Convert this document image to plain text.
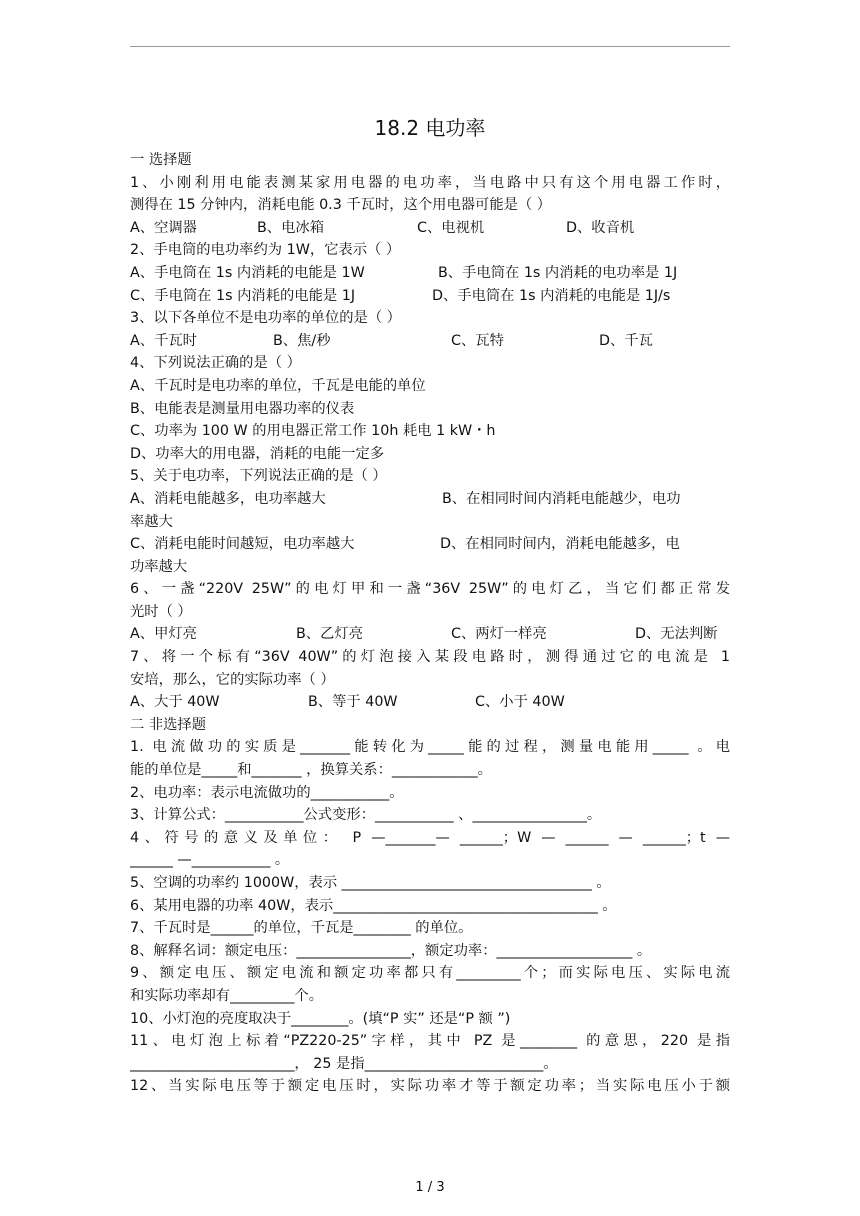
18.2 电功率
一 选择题
1、小刚利用电能表测某家用电器的电功率，当电路中只有这个用电器工作时，
测得在 15 分钟内，消耗电能 0.3 千瓦时，这个用电器可能是（ ）

A、空调器

	B、电冰箱

	C、电视机

	D、收音机

2、手电筒的电功率约为 1W，它表示（ ）

A、手电筒在 1s 内消耗的电能是 1W

	B、手电筒在 1s 内消耗的电功率是 1J

C、手电筒在 1s 内消耗的电能是 1J

	D、手电筒在 1s 内消耗的电能是 1J/s

3、以下各单位不是电功率的单位的是（ ）

A、千瓦时

	B、焦/秒

	C、瓦特

	D、千瓦

4、下列说法正确的是（ ）
A、千瓦时是电功率的单位，千瓦是电能的单位
B、电能表是测量用电器功率的仪表
C、功率为 100 W 的用电器正常工作 10h 耗电 1 kW・h
D、功率大的用电器，消耗的电能一定多
5、关于电功率，下列说法正确的是（ ）

A、消耗电能越多，电功率越大

	B、在相同时间内消耗电能越少，电功

率越大

C、消耗电能时间越短，电功率越大

	D、在相同时间内，消耗电能越多，电

功率越大
6、一盏“220V 25W”的电灯甲和一盏“36V 25W”的电灯乙，当它们都正常发
光时（ ）

A、甲灯亮

	B、乙灯亮

	C、两灯一样亮

	D、无法判断

7、将一个标有“36V 40W”的灯泡接入某段电路时，测得通过它的电流是 1
安培，那么，它的实际功率（ ）

A、大于 40W

	B、等于 40W

	C、小于 40W

二 非选择题
1. 电流做功的实质是_______能转化为_____能的过程，测量电能用_____ 。电
能的单位是_____和_______ ，换算关系：____________。
2、电功率：表示电流做功的___________。
3、计算公式：___________公式变形：___________ 、________________。
4、符号的意义及单位： P —_______— ______；W — ______ — ______；t —
______ —___________ 。
5、空调的功率约 1000W，表示 ___________________________________ 。
6、某用电器的功率 40W，表示_____________________________________ 。
7、千瓦时是______的单位，千瓦是________ 的单位。
8、解释名词：额定电压：________________，额定功率：___________________ 。
9、额定电压、额定电流和额定功率都只有_________个；而实际电压、实际电流
和实际功率却有_________个。
10、小灯泡的亮度取决于________。(填“P 实” 还是“P 额 ”)
11、电灯泡上标着“PZ220-25”字样，其中 PZ 是________ 的意思，220 是指
_______________________， 25 是指_________________________。
12、当实际电压等于额定电压时，实际功率才等于额定功率；当实际电压小于额
1 / 3
